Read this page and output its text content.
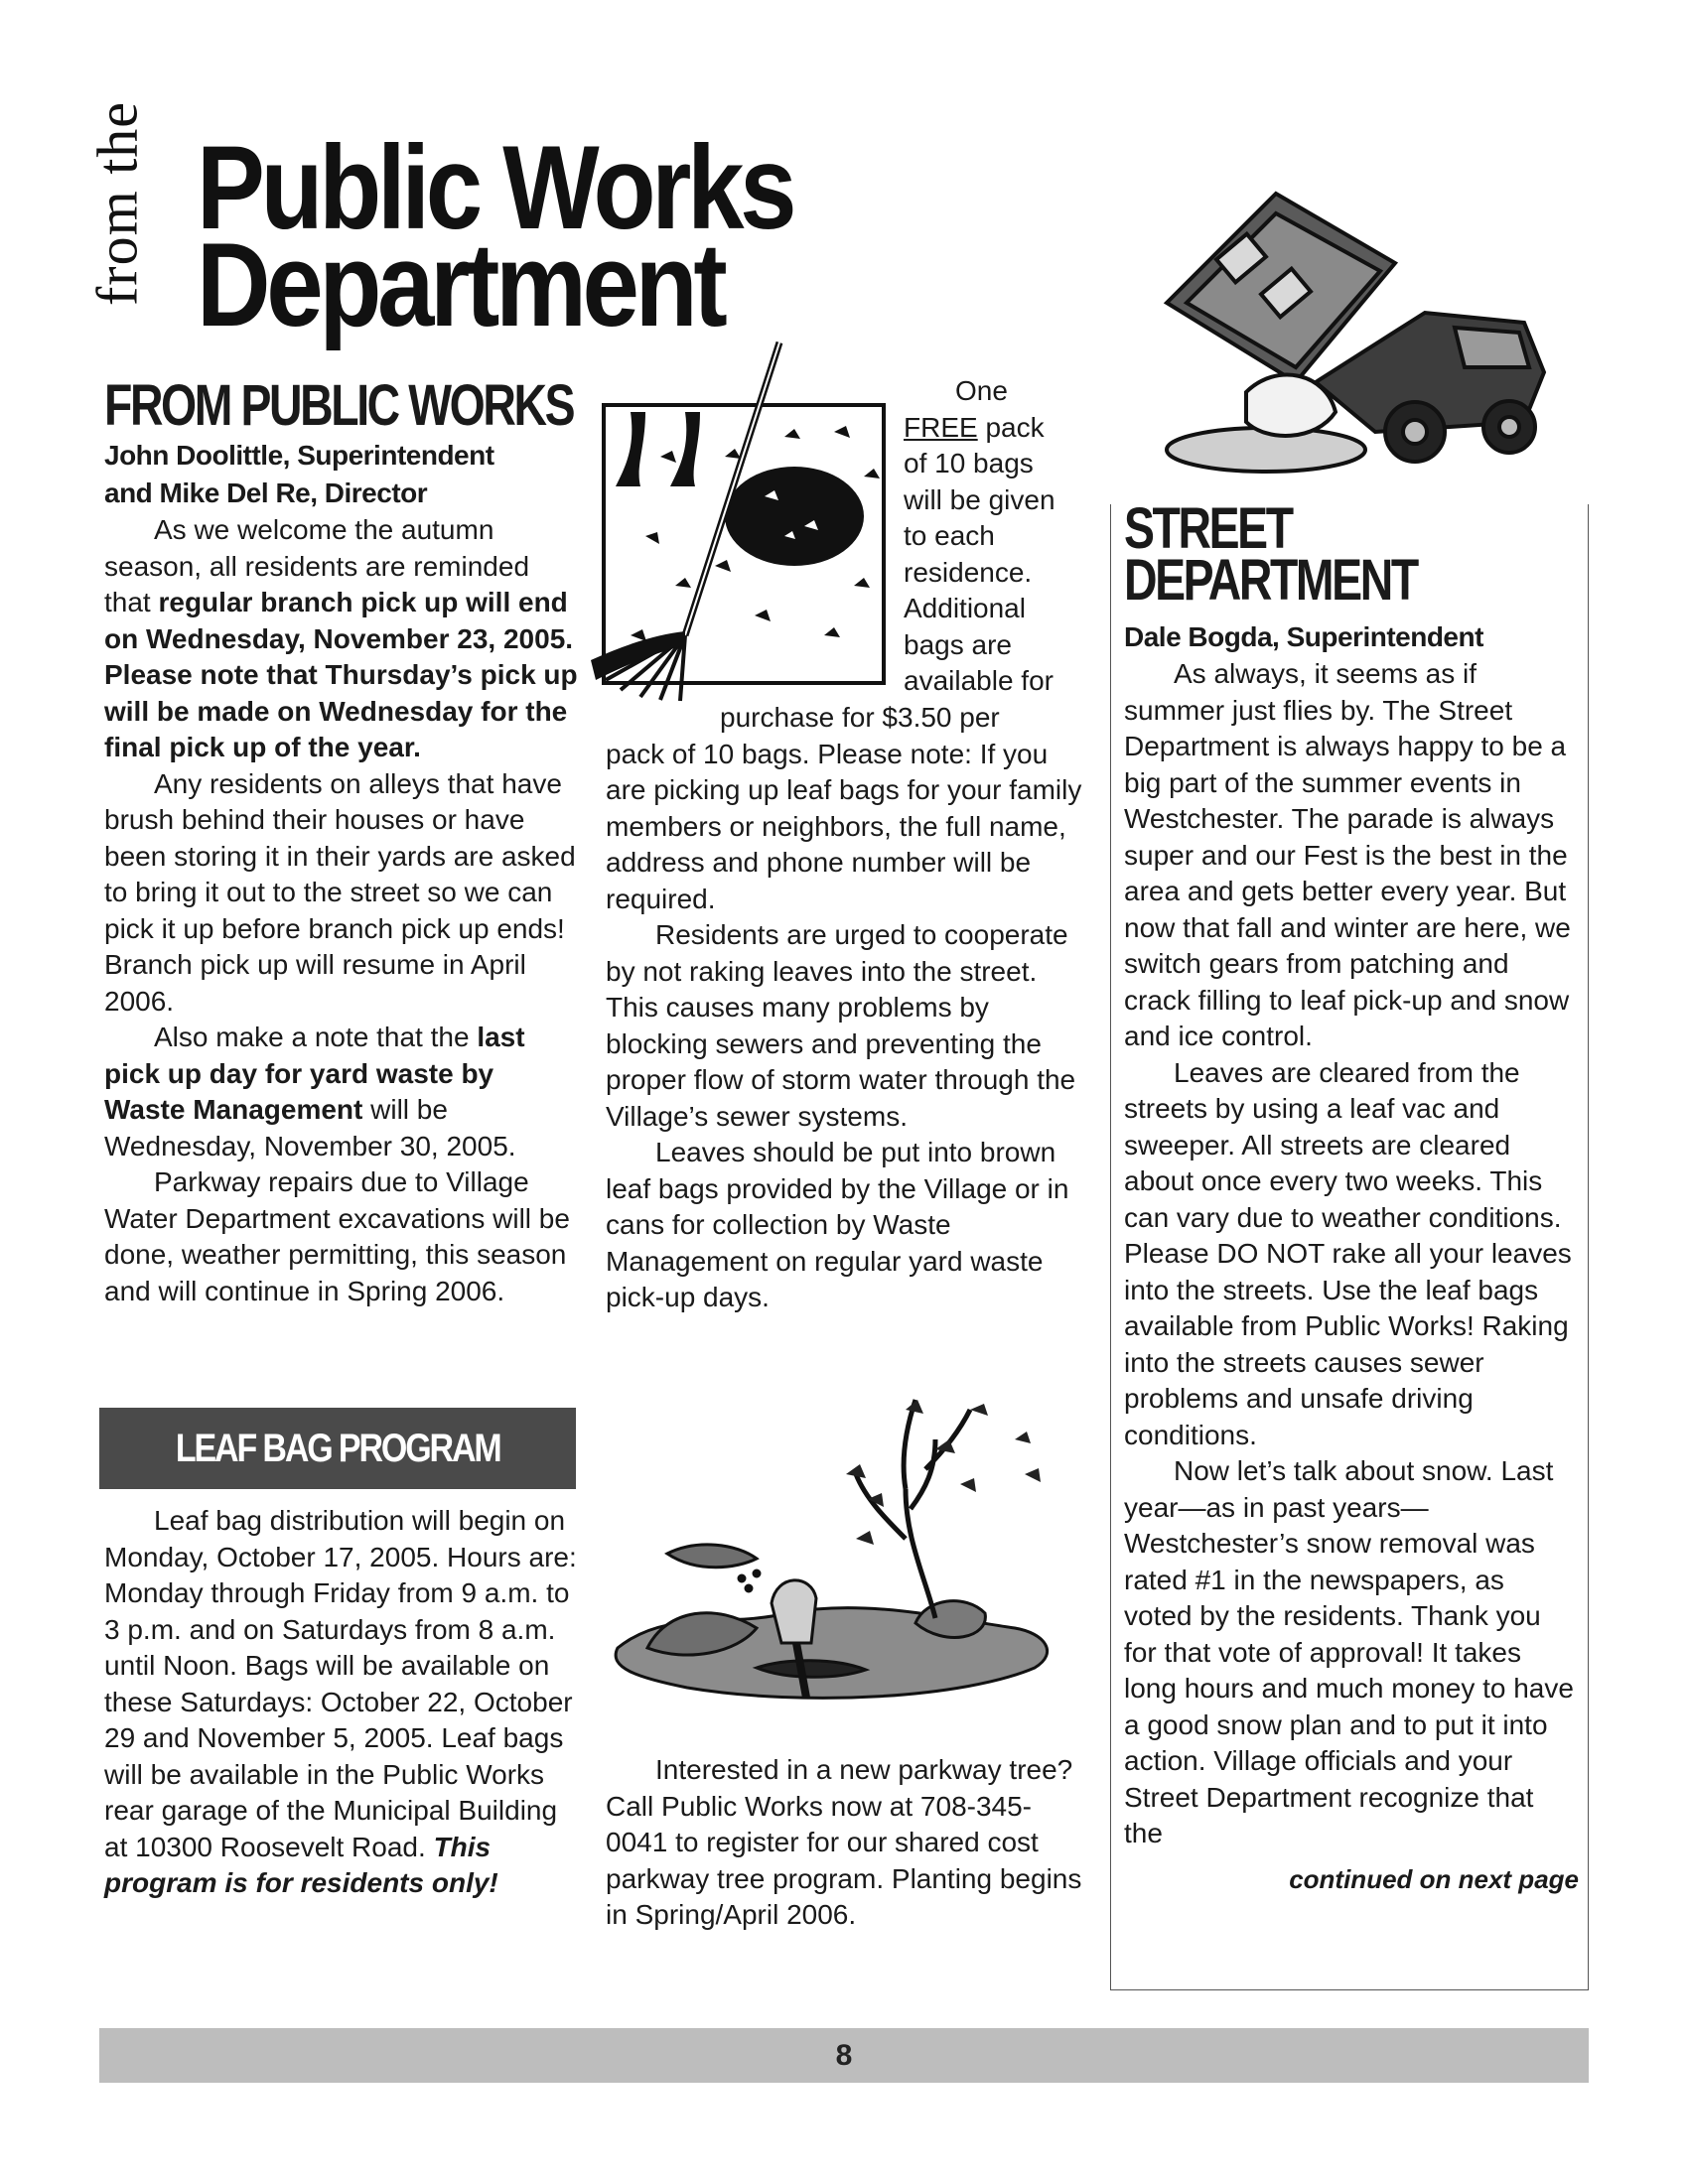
from the Public Works
Department
FROM PUBLIC WORKS
John Doolittle, Superintendent
and Mike Del Re, Director

As we welcome the autumn season, all residents are reminded that regular branch pick up will end on Wednesday, November 23, 2005. Please note that Thursday’s pick up will be made on Wednesday for the final pick up of the year.

Any residents on alleys that have brush behind their houses or have been storing it in their yards are asked to bring it out to the street so we can pick it up before branch pick up ends! Branch pick up will resume in April 2006.

Also make a note that the last pick up day for yard waste by Waste Management will be Wednesday, November 30, 2005.

Parkway repairs due to Village Water Department excavations will be done, weather permitting, this season and will continue in Spring 2006.

LEAF BAG PROGRAM

Leaf bag distribution will begin on Monday, October 17, 2005. Hours are: Monday through Friday from 9 a.m. to 3 p.m. and on Saturdays from 8 a.m. until Noon. Bags will be available on these Saturdays: October 22, October 29 and November 5, 2005. Leaf bags will be available in the Public Works rear garage of the Municipal Building at 10300 Roosevelt Road. This program is for residents only!

One
FREE pack
of 10 bags
will be given
to each
residence.
Additional
bags are
available for
purchase for $3.50 per

pack of 10 bags. Please note: If you are picking up leaf bags for your family members or neighbors, the full name, address and phone number will be required.

Residents are urged to cooperate by not raking leaves into the street. This causes many problems by blocking sewers and preventing the proper flow of storm water through the Village’s sewer systems.

Leaves should be put into brown leaf bags provided by the Village or in cans for collection by Waste Management on regular yard waste pick-up days.

Interested in a new parkway tree? Call Public Works now at 708-345-0041 to register for our shared cost parkway tree program. Planting begins in Spring/April 2006.

STREET
DEPARTMENT
Dale Bogda, Superintendent

As always, it seems as if summer just flies by. The Street Department is always happy to be a big part of the summer events in Westchester. The parade is always super and our Fest is the best in the area and gets better every year. But now that fall and winter are here, we switch gears from patching and crack filling to leaf pick-up and snow and ice control.

Leaves are cleared from the streets by using a leaf vac and sweeper. All streets are cleared about once every two weeks. This can vary due to weather conditions. Please DO NOT rake all your leaves into the streets. Use the leaf bags available from Public Works! Raking into the streets causes sewer problems and unsafe driving conditions.

Now let’s talk about snow. Last year—as in past years—Westchester’s snow removal was rated #1 in the newspapers, as voted by the residents. Thank you for that vote of approval! It takes long hours and much money to have a good snow plan and to put it into action. Village officials and your Street Department recognize that the

continued on next page
8
